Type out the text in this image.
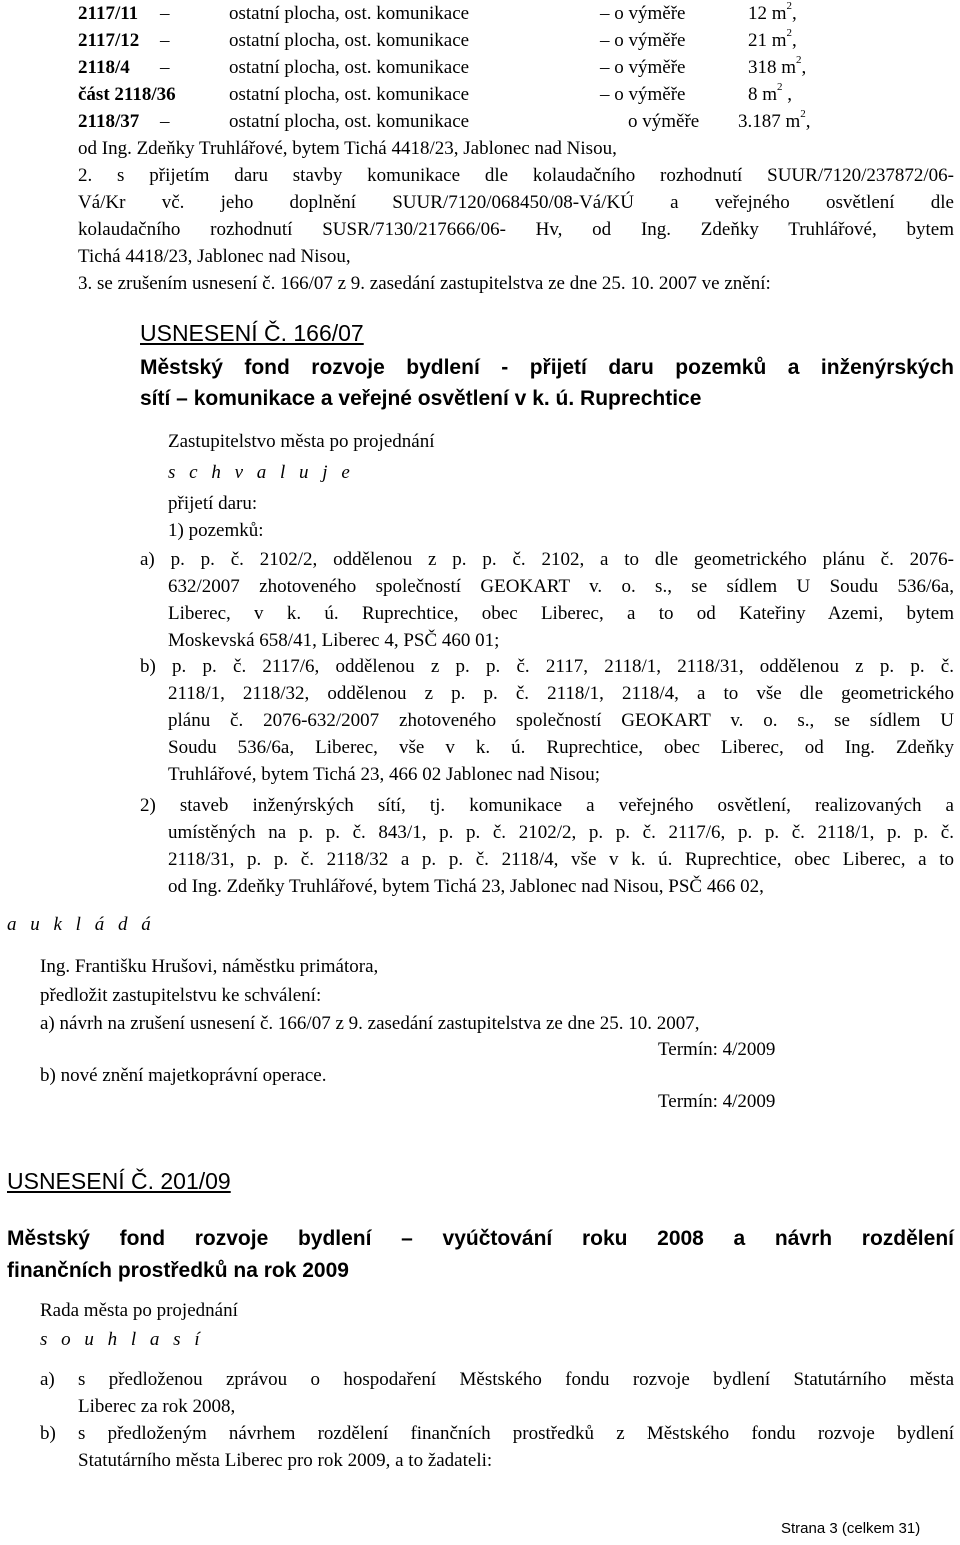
2117/11 –	ostatní plocha, ost. komunikace	– o výměře	12 $m^2$,
2117/12 –	ostatní plocha, ost. komunikace	– o výměře	21 $m^2$,
2118/4 –	ostatní plocha, ost. komunikace	– o výměře	318 $m^2$,
část 2118/36	ostatní plocha, ost. komunikace	– o výměře	8 $m^2$ ,
2118/37 –	ostatní plocha, ost. komunikace	o výměře 3.187 $m^2$,
od Ing. Zdeňky Truhlářové, bytem Tichá 4418/23, Jablonec nad Nisou,
2. s přijetím daru stavby komunikace dle kolaudačního rozhodnutí SUUR/7120/237872/06-
Vá/Kr vč. jeho doplnění SUUR/7120/068450/08-Vá/KÚ a veřejného osvětlení dle
kolaudačního rozhodnutí SUSR/7130/217666/06- Hv, od Ing. Zdeňky Truhlářové, bytem
Tichá 4418/23, Jablonec nad Nisou,
3. se zrušením usnesení č. 166/07 z 9. zasedání zastupitelstva ze dne 25. 10. 2007 ve znění:
USNESENÍ Č. 166/07
Městský fond rozvoje bydlení - přijetí daru pozemků a inženýrských
sítí – komunikace a veřejné osvětlení v k. ú. Ruprechtice
Zastupitelstvo města po projednání
s c h v a l u j e
přijetí daru:
1) pozemků:
a) p. p. č. 2102/2, oddělenou z p. p. č. 2102, a to dle geometrického plánu č. 2076-
632/2007 zhotoveného společností GEOKART v. o. s., se sídlem U Soudu 536/6a,
Liberec, v k. ú. Ruprechtice, obec Liberec, a to od Kateřiny Azemi, bytem
Moskevská 658/41, Liberec 4, PSČ 460 01;
b) p. p. č. 2117/6, oddělenou z p. p. č. 2117, 2118/1, 2118/31, oddělenou z p. p. č.
2118/1, 2118/32, oddělenou z p. p. č. 2118/1, 2118/4, a to vše dle geometrického
plánu č. 2076-632/2007 zhotoveného společností GEOKART v. o. s., se sídlem U
Soudu 536/6a, Liberec, vše v k. ú. Ruprechtice, obec Liberec, od Ing. Zdeňky
Truhlářové, bytem Tichá 23, 466 02 Jablonec nad Nisou;
2) staveb inženýrských sítí, tj. komunikace a veřejného osvětlení, realizovaných a
umístěných na p. p. č. 843/1, p. p. č. 2102/2, p. p. č. 2117/6, p. p. č. 2118/1, p. p. č.
2118/31, p. p. č. 2118/32 a p. p. č. 2118/4, vše v k. ú. Ruprechtice, obec Liberec, a to
od Ing. Zdeňky Truhlářové, bytem Tichá 23, Jablonec nad Nisou, PSČ 466 02,
a u k l á d á
Ing. Františku Hrušovi, náměstku primátora,
předložit zastupitelstvu ke schválení:
a) návrh na zrušení usnesení č. 166/07 z 9. zasedání zastupitelstva ze dne 25. 10. 2007,
Termín: 4/2009
b) nové znění majetkoprávní operace.
Termín: 4/2009
USNESENÍ Č. 201/09
Městský fond rozvoje bydlení – vyúčtování roku 2008 a návrh rozdělení
finančních prostředků na rok 2009
Rada města po projednání
s o u h l a s í
a) s předloženou zprávou o hospodaření Městského fondu rozvoje bydlení Statutárního města
Liberec za rok 2008,
b) s předloženým návrhem rozdělení finančních prostředků z Městského fondu rozvoje bydlení
Statutárního města Liberec pro rok 2009, a to žadateli:
Strana 3 (celkem 31)
